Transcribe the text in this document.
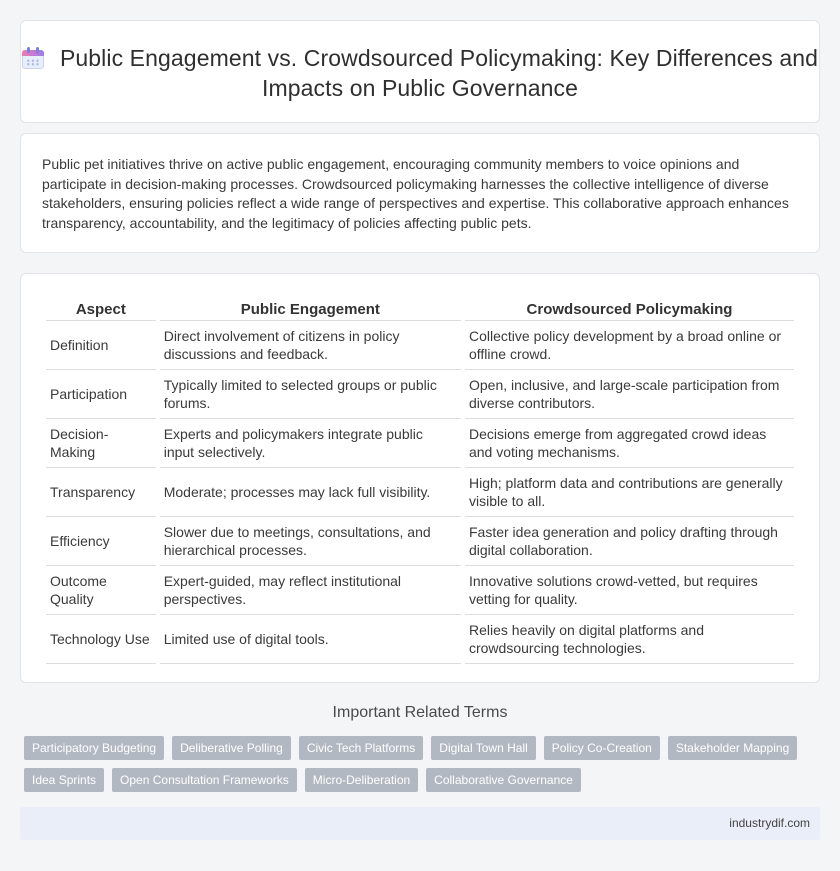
Public Engagement vs. Crowdsourced Policymaking: Key Differences and Impacts on Public Governance

Public pet initiatives thrive on active public engagement, encouraging community members to voice opinions and participate in decision-making processes. Crowdsourced policymaking harnesses the collective intelligence of diverse stakeholders, ensuring policies reflect a wide range of perspectives and expertise. This collaborative approach enhances transparency, accountability, and the legitimacy of policies affecting public pets.

Aspect	Public Engagement	Crowdsourced Policymaking
Definition	Direct involvement of citizens in policy discussions and feedback.	Collective policy development by a broad online or offline crowd.
Participation	Typically limited to selected groups or public forums.	Open, inclusive, and large-scale participation from diverse contributors.
Decision-Making	Experts and policymakers integrate public input selectively.	Decisions emerge from aggregated crowd ideas and voting mechanisms.
Transparency	Moderate; processes may lack full visibility.	High; platform data and contributions are generally visible to all.
Efficiency	Slower due to meetings, consultations, and hierarchical processes.	Faster idea generation and policy drafting through digital collaboration.
Outcome Quality	Expert-guided, may reflect institutional perspectives.	Innovative solutions crowd-vetted, but requires vetting for quality.
Technology Use	Limited use of digital tools.	Relies heavily on digital platforms and crowdsourcing technologies.
Important Related Terms
Participatory Budgeting	Deliberative Polling	Civic Tech Platforms	Digital Town Hall	Policy Co-Creation	Stakeholder Mapping
Idea Sprints	Open Consultation Frameworks	Micro-Deliberation	Collaborative Governance
industrydif.com
